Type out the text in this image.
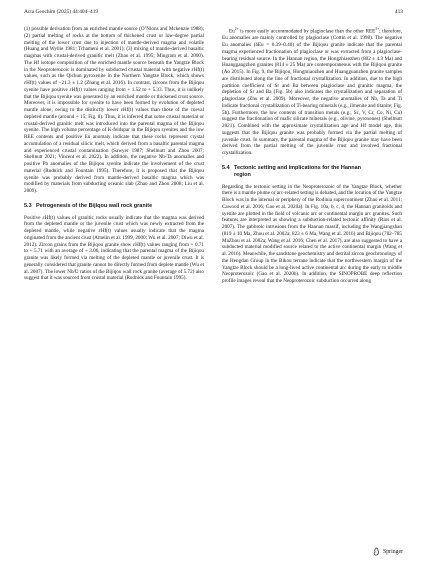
Acta Geochim (2025) 44:404–419	413

(1) possible derivation from an enriched mantle source (O’Nions and Mckenzie 1988); (2) partial melting of rocks at the bottom of thickened crust or low-degree partial melting of the lower crust due to injection of mantle-derived magma and volatile (Huang and Wyllie 1981; Tchameni et al. 2001); (3) mixing of mantle-derived basaltic magmas with crustal-derived granitic melt (Zhao et al. 1995; Mingram et al. 2000). The Hf isotope composition of the enriched mantle source beneath the Yangtze Block in the Neoproterozoic is dominated by subducted crustal material with negative εHf(t) values, such as the Qichun pyroxenite in the Northern Yangtze Block, which shows εHf(t) values of −21.3 ± 1.2 (Zhang et al. 2016). In contrast, zircons from the Bijiqou syenite have positive εHf(t) values ranging from + 1.52 to + 5.33. Thus, it is unlikely that the Bijiqou syenite was generated by an enriched mantle or thickened crust source. Moreover, it is impossible for syenite to have been formed by evolution of depleted mantle alone, owing to the distinctly lower εHf(t) values than those of the coeval depleted mantle (around + 15; Fig. 8). Thus, it is inferred that some crustal material or crustal-derived granitic melt was introduced into the parental magma of the Bijiqou syenite. The high volume percentage of K-feldspar in the Bijiqou syenites and the low REE contents and positive Eu anomaly indicate that these rocks represent crystal accumulation of a residual silicic melt, which derived from a basaltic parental magma and experienced crustal contamination (Sawyer 1987; Shellnutt and Zhou 2007; Shellnutt 2021; Vincent et al. 2022). In addition, the negative Nb-Ta anomalies and positive Pb anomalies of the Bijiqou syenite indicate the involvement of the crust material (Rudnick and Fountain 1995). Therefore, it is proposed that the Bijiqou syenite was probably derived from mantle-derived basaltic magma which was modified by materials from subducting oceanic slab (Zhao and Zhou 2008; Liu et al. 2009).

5.3 Petrogenesis of the Bijiqou wall rock granite

Positive εHf(t) values of granitic rocks usually indicate that the magma was derived from the depleted mantle or the juvenile crust which was newly extracted from the depleted mantle, while negative εHf(t) values usually indicate that the magma originated from the ancient crust (Amelin et al. 1999, 2000; Wu et al. 2007; Diwu et al. 2012). Zircon grains from the Bijiqou granite show εHf(t) values ranging from + 0.71 to + 5.71 with an average of + 3.06, indicating that the parental magma of the Bijiqou granite was likely formed via melting of the depleted mantle or juvenile crust. It is generally considered that granite cannot be directly formed from deplete mantle (Wu et al. 2007). The lower Nb/U ratios of the Bijiqou wall rock granite (average of 5.72) also suggest that it was sourced from crustal material (Rudnick and Fountain 1995).

$Eu^{2+}$ is more easily accommodated by plagioclase than the other $REE^{3+}$; therefore, Eu anomalies are mainly controlled by plagioclase (Cottin et al. 1998). The negative Eu anomalies (δEu = 0.39–0.40) of the Bijiqou granite indicate that the parental magma experienced fractionation of plagioclase or was extracted from a plagioclase-bearing residual source. In the Hannan region, the Hongzhiaozhen (802 ± 4.3 Ma) and Huanggangzhen granites (814 ± 25 Ma) are contemporaneous with the Bijiqou granite (Ao 2015). In Fig. 9, the Bijiqou, Hongmiaozhen and Huangguanzhen granite samples are distributed along the line of fractional crystallization. In addition, due to the high partition coefficient of Sr and Ba between plagioclase and granitic magma, the depletion of Sr and Ba (Fig. 5b) also indicates the crystallization and separation of plagioclase (Zhu et al. 2009). Moreover, the negative anomalies of Nb, Ta and Ti indicate fractional crystallization of Ti-bearing minerals (e.g., ilmenite and titanite; Fig. 5b). Furthermore, the low contents of transition metals (e.g., Sc, V, Cr, Co, Ni, Cu) suggest the fractionation of mafic silicate minerals (e.g., olivine, pyroxenes) (Shellnutt 2021). Combined with the approximate crystallization age and Hf model age, this suggests that the Bijiqou granite was probably formed via the partial melting of juvenile crust. In summary, the parental magma of the Bijiqou granite may have been derived from the partial melting of the juvenile crust and involved fractional crystallization.

5.4 Tectonic setting and implications for the Hannan
region

Regarding the tectonic setting in the Neoproterozoic of the Yangtze Block, whether there is a mantle plume or arc-related setting is debated, and the location of the Yangtze Block was in the internal or periphery of the Rodinia supercontinent (Zhao et al. 2011; Cawood et al. 2016; Gao et al. 2020a). In Fig. 10a, b, c, d, the Hannan granitoids and syenite are plotted in the field of volcanic arc or continental margin arc granites. Such features are interpreted as showing a subduction-related tectonic affinity (Rios et al. 2007). The gabbroic intrusions from the Hannan massif, including the Wangjiangshan (819 ± 10 Ma, Zhou et al. 2002a; 823 ± 6 Ma, Wang et al. 2016) and Bijiqou (782–785 MaZhou et al. 2002a; Wang et al. 2016; Chen et al. 2017), are also suggested to have a subducted material modified source related to the active continental margin (Wang et al. 2016). Meanwhile, the sandstone geochemistry and detrital zircon geochronology of the Hengdan Group in the Bikou terrane indicate that the northwestern margin of the Yangtze Block should be a long-lived active continental arc during the early to middle Neoproterozoic (Gao et al. 2020b). In addition, the SINOPROBE deep reflection profile images reveal that the Neoproterozoic subduction occurred along

Springer
